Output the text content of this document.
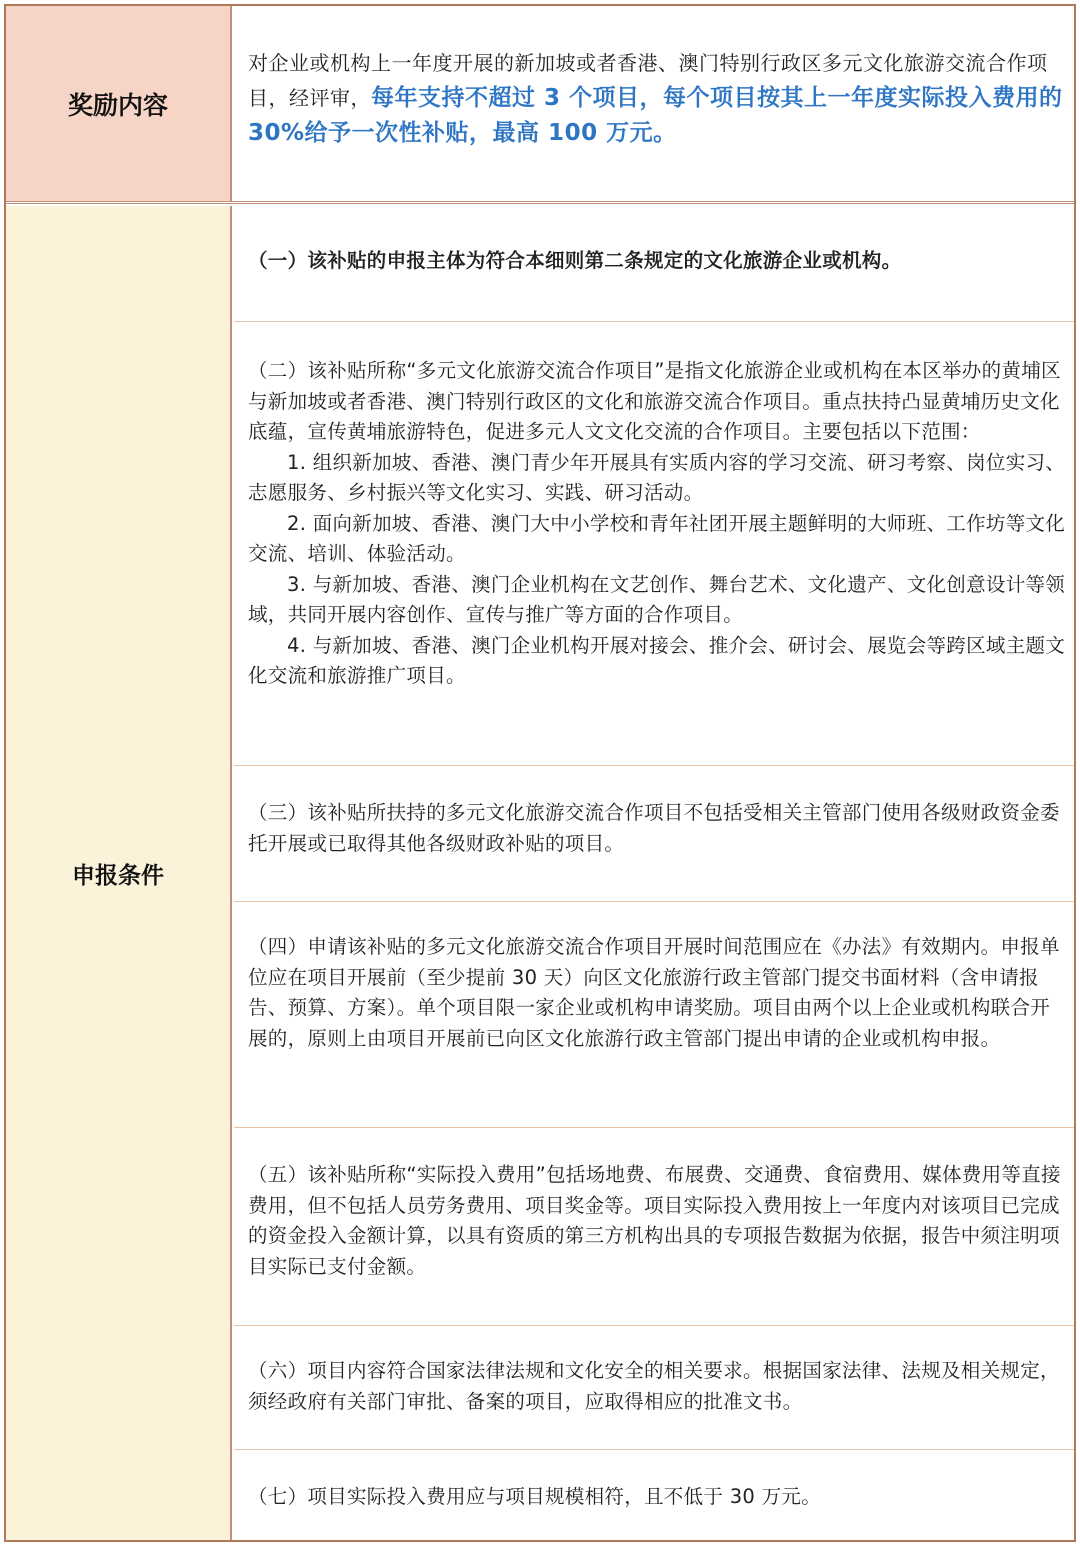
奖励内容
对企业或机构上一年度开展的新加坡或者香港、澳门特别行政区多元文化旅游交流合作项目，经评审，每年支持不超过 3 个项目，每个项目按其上一年度实际投入费用的 30%给予一次性补贴，最高 100 万元。
申报条件

（一）该补贴的申报主体为符合本细则第二条规定的文化旅游企业或机构。

（二）该补贴所称“多元文化旅游交流合作项目”是指文化旅游企业或机构在本区举办的黄埔区与新加坡或者香港、澳门特别行政区的文化和旅游交流合作项目。重点扶持凸显黄埔历史文化底蕴，宣传黄埔旅游特色，促进多元人文文化交流的合作项目。主要包括以下范围：

1. 组织新加坡、香港、澳门青少年开展具有实质内容的学习交流、研习考察、岗位实习、志愿服务、乡村振兴等文化实习、实践、研习活动。

2. 面向新加坡、香港、澳门大中小学校和青年社团开展主题鲜明的大师班、工作坊等文化交流、培训、体验活动。

3. 与新加坡、香港、澳门企业机构在文艺创作、舞台艺术、文化遗产、文化创意设计等领域，共同开展内容创作、宣传与推广等方面的合作项目。

4. 与新加坡、香港、澳门企业机构开展对接会、推介会、研讨会、展览会等跨区域主题文化交流和旅游推广项目。

（三）该补贴所扶持的多元文化旅游交流合作项目不包括受相关主管部门使用各级财政资金委托开展或已取得其他各级财政补贴的项目。

（四）申请该补贴的多元文化旅游交流合作项目开展时间范围应在《办法》有效期内。申报单位应在项目开展前（至少提前 30 天）向区文化旅游行政主管部门提交书面材料（含申请报告、预算、方案）。单个项目限一家企业或机构申请奖励。项目由两个以上企业或机构联合开展的，原则上由项目开展前已向区文化旅游行政主管部门提出申请的企业或机构申报。

（五）该补贴所称“实际投入费用”包括场地费、布展费、交通费、食宿费用、媒体费用等直接费用，但不包括人员劳务费用、项目奖金等。项目实际投入费用按上一年度内对该项目已完成的资金投入金额计算，以具有资质的第三方机构出具的专项报告数据为依据，报告中须注明项目实际已支付金额。

（六）项目内容符合国家法律法规和文化安全的相关要求。根据国家法律、法规及相关规定，须经政府有关部门审批、备案的项目，应取得相应的批准文书。

（七）项目实际投入费用应与项目规模相符，且不低于 30 万元。
